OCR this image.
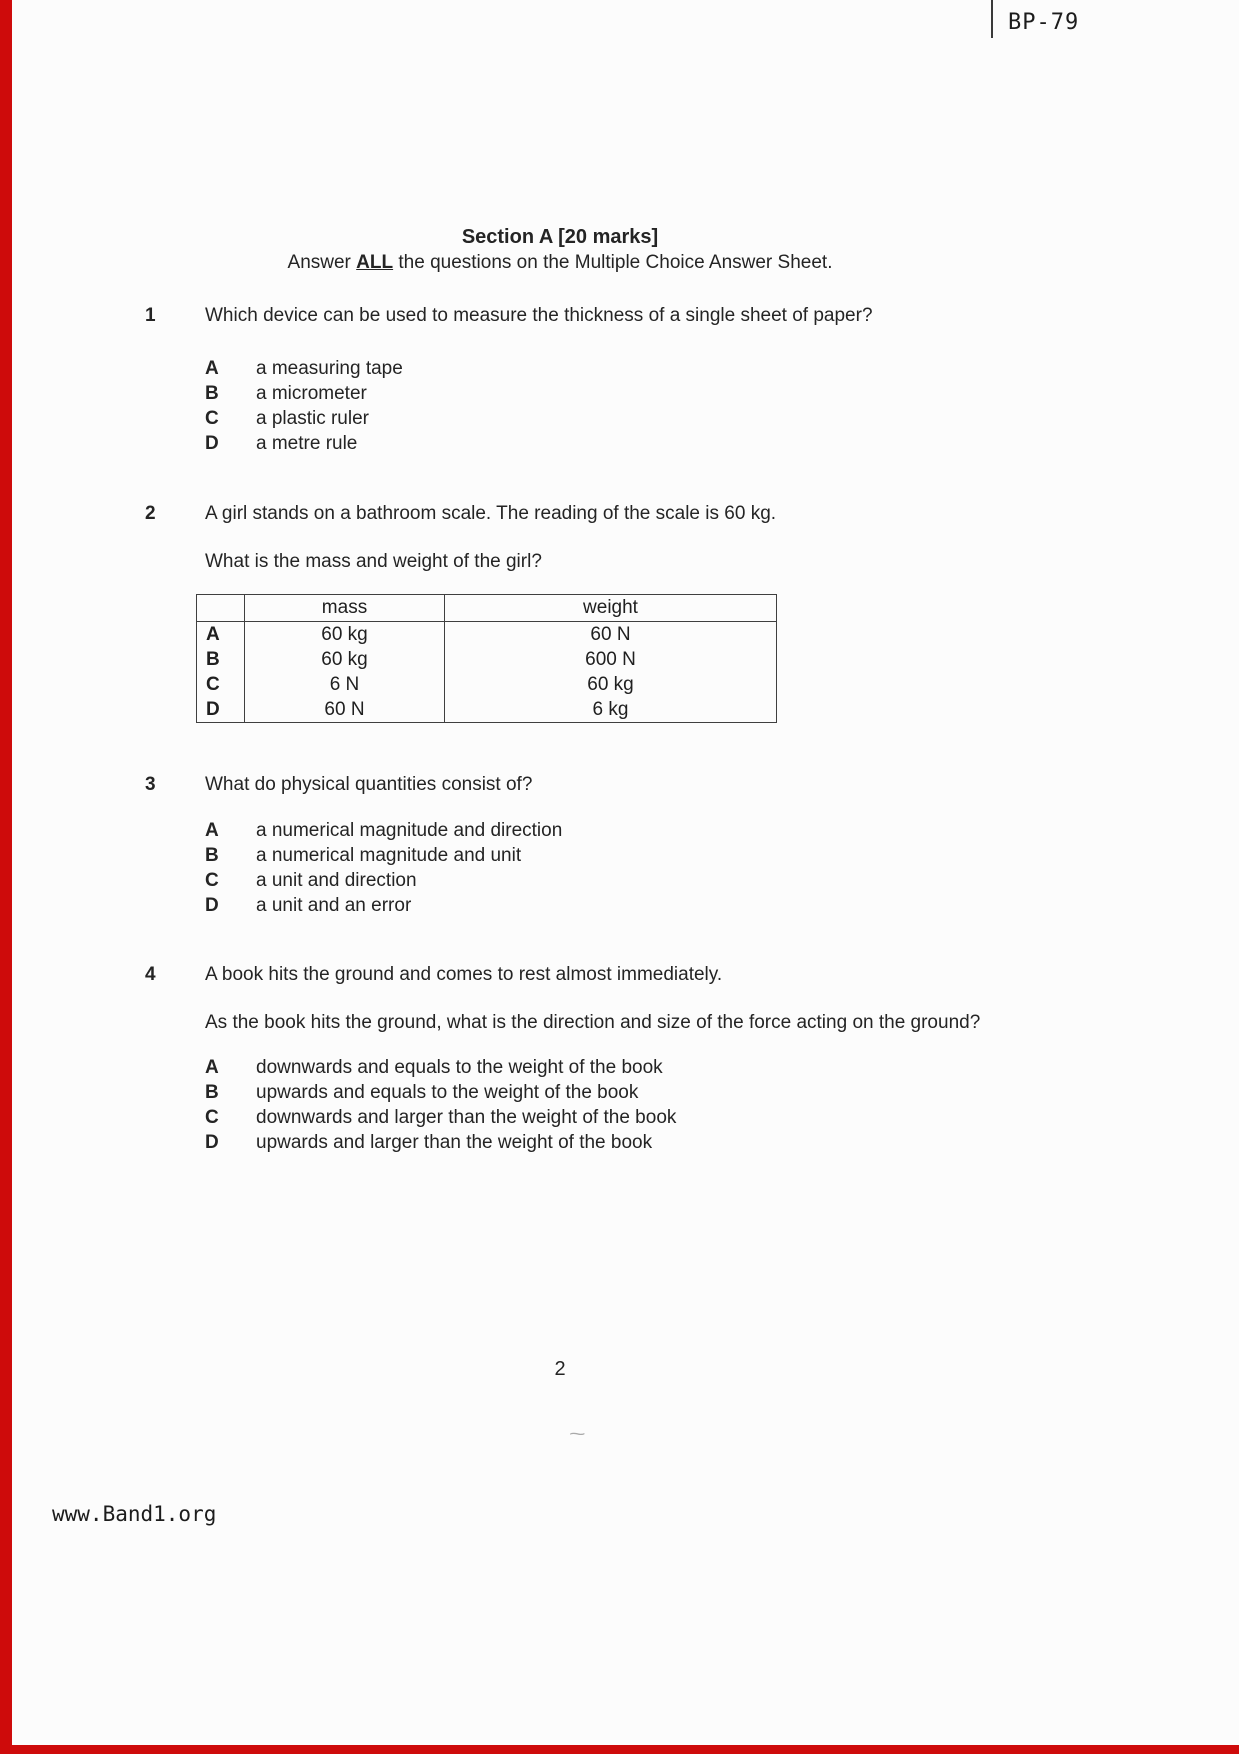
BP-79
Section A [20 marks]
Answer ALL the questions on the Multiple Choice Answer Sheet.
1	Which device can be used to measure the thickness of a single sheet of paper?
A	a measuring tape
B	a micrometer
C	a plastic ruler
D	a metre rule
2	A girl stands on a bathroom scale. The reading of the scale is 60 kg.
What is the mass and weight of the girl?
	mass	weight
A	60 kg	60 N
B	60 kg	600 N
C	6 N	60 kg
D	60 N	6 kg
3	What do physical quantities consist of?
A	a numerical magnitude and direction
B	a numerical magnitude and unit
C	a unit and direction
D	a unit and an error
4	A book hits the ground and comes to rest almost immediately.
As the book hits the ground, what is the direction and size of the force acting on the ground?
A	downwards and equals to the weight of the book
B	upwards and equals to the weight of the book
C	downwards and larger than the weight of the book
D	upwards and larger than the weight of the book
2
~
www.Band1.org
